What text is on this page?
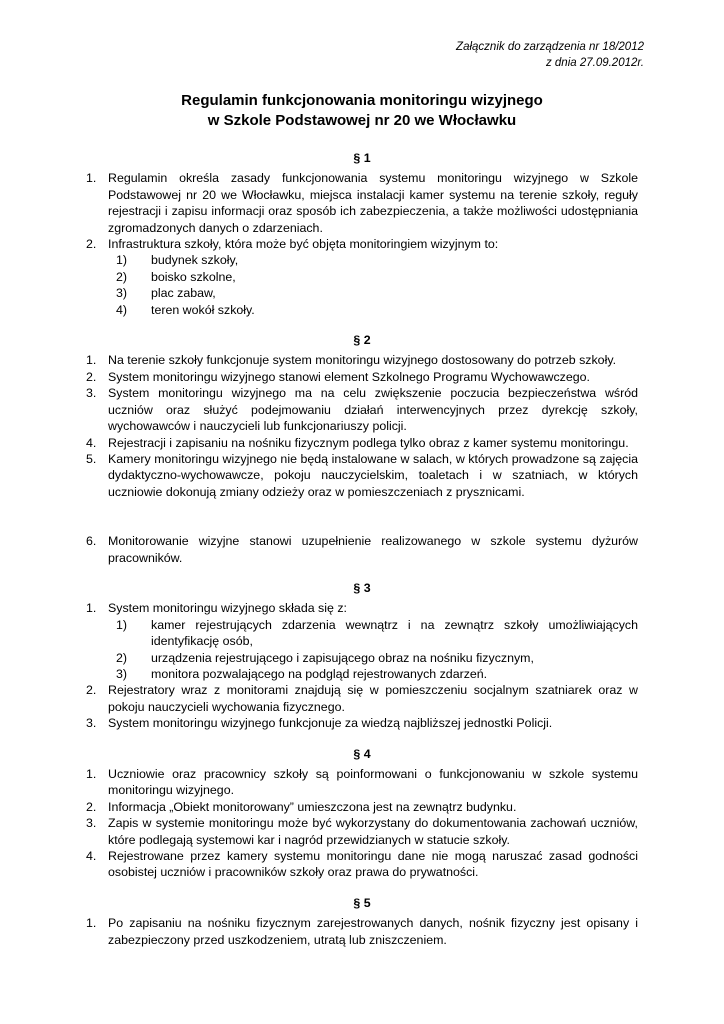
Załącznik do zarządzenia nr 18/2012
z dnia 27.09.2012r.
Regulamin funkcjonowania monitoringu wizyjnego
w Szkole Podstawowej nr 20 we Włocławku
§ 1
1. Regulamin określa zasady funkcjonowania systemu monitoringu wizyjnego w Szkole Podstawowej nr 20 we Włocławku, miejsca instalacji kamer systemu na terenie szkoły, reguły rejestracji i zapisu informacji oraz sposób ich zabezpieczenia, a także możliwości udostępniania zgromadzonych danych o zdarzeniach.
2. Infrastruktura szkoły, która może być objęta monitoringiem wizyjnym to:
1)	budynek szkoły,
2)	boisko szkolne,
3)	plac zabaw,
4)	teren wokół szkoły.
§ 2
1. Na terenie szkoły funkcjonuje system monitoringu wizyjnego dostosowany do potrzeb szkoły.
2. System monitoringu wizyjnego stanowi element Szkolnego Programu Wychowawczego.
3. System monitoringu wizyjnego ma na celu zwiększenie poczucia bezpieczeństwa wśród uczniów oraz służyć podejmowaniu działań interwencyjnych przez dyrekcję szkoły, wychowawców i nauczycieli lub funkcjonariuszy policji.
4. Rejestracji i zapisaniu na nośniku fizycznym podlega tylko obraz z kamer systemu monitoringu.
5. Kamery monitoringu wizyjnego nie będą instalowane w salach, w których prowadzone są zajęcia dydaktyczno-wychowawcze, pokoju nauczycielskim, toaletach i w szatniach, w których uczniowie dokonują zmiany odzieży oraz w pomieszczeniach z prysznicami.
6. Monitorowanie wizyjne stanowi uzupełnienie realizowanego w szkole systemu dyżurów pracowników.
§ 3
1. System monitoringu wizyjnego składa się z:
1)	kamer rejestrujących zdarzenia wewnątrz i na zewnątrz szkoły umożliwiających identyfikację osób,
2)	urządzenia rejestrującego i zapisującego obraz na nośniku fizycznym,
3)	monitora pozwalającego na podgląd rejestrowanych zdarzeń.
2. Rejestratory wraz z monitorami znajdują się w pomieszczeniu socjalnym szatniarek oraz w pokoju nauczycieli wychowania fizycznego.
3. System monitoringu wizyjnego funkcjonuje za wiedzą najbliższej jednostki Policji.
§ 4
1. Uczniowie oraz pracownicy szkoły są poinformowani o funkcjonowaniu w szkole systemu monitoringu wizyjnego.
2. Informacja „Obiekt monitorowany” umieszczona jest na zewnątrz budynku.
3. Zapis w systemie monitoringu może być wykorzystany do dokumentowania zachowań uczniów, które podlegają systemowi kar i nagród przewidzianych w statucie szkoły.
4. Rejestrowane przez kamery systemu monitoringu dane nie mogą naruszać zasad godności osobistej uczniów i pracowników szkoły oraz prawa do prywatności.
§ 5
1. Po zapisaniu na nośniku fizycznym zarejestrowanych danych, nośnik fizyczny jest opisany i zabezpieczony przed uszkodzeniem, utratą lub zniszczeniem.
